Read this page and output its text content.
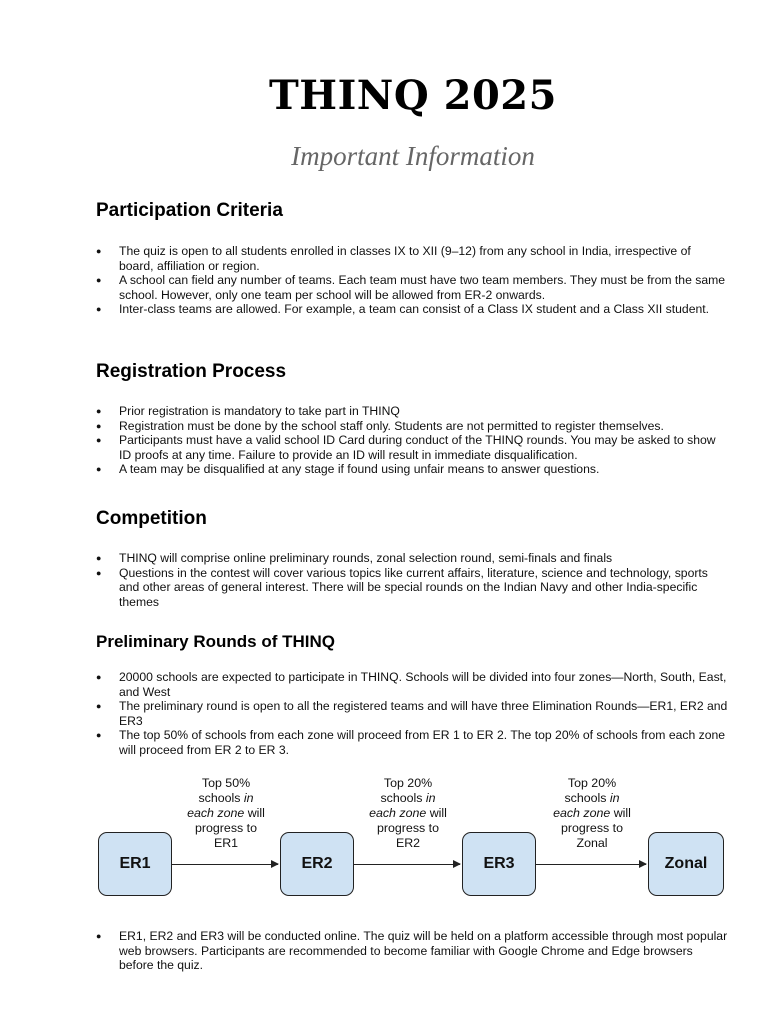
THINQ 2025
Important Information
Participation Criteria
● The quiz is open to all students enrolled in classes IX to XII (9–12) from any school in India, irrespective of board, affiliation or region.
● A school can field any number of teams. Each team must have two team members. They must be from the same school. However, only one team per school will be allowed from ER-2 onwards.
● Inter-class teams are allowed. For example, a team can consist of a Class IX student and a Class XII student.
Registration Process
● Prior registration is mandatory to take part in THINQ
● Registration must be done by the school staff only. Students are not permitted to register themselves.
● Participants must have a valid school ID Card during conduct of the THINQ rounds. You may be asked to show ID proofs at any time. Failure to provide an ID will result in immediate disqualification.
● A team may be disqualified at any stage if found using unfair means to answer questions.
Competition
● THINQ will comprise online preliminary rounds, zonal selection round, semi-finals and finals
● Questions in the contest will cover various topics like current affairs, literature, science and technology, sports and other areas of general interest. There will be special rounds on the Indian Navy and other India-specific themes
Preliminary Rounds of THINQ
● 20000 schools are expected to participate in THINQ. Schools will be divided into four zones—North, South, East, and West
● The preliminary round is open to all the registered teams and will have three Elimination Rounds—ER1, ER2 and ER3
● The top 50% of schools from each zone will proceed from ER 1 to ER 2. The top 20% of schools from each zone will proceed from ER 2 to ER 3.
Top 50%
schools in
each zone will
progress to
ER1
Top 20%
schools in
each zone will
progress to
ER2
Top 20%
schools in
each zone will
progress to
Zonal
ER1	ER2	ER3	Zonal
● ER1, ER2 and ER3 will be conducted online. The quiz will be held on a platform accessible through most popular web browsers. Participants are recommended to become familiar with Google Chrome and Edge browsers before the quiz.
